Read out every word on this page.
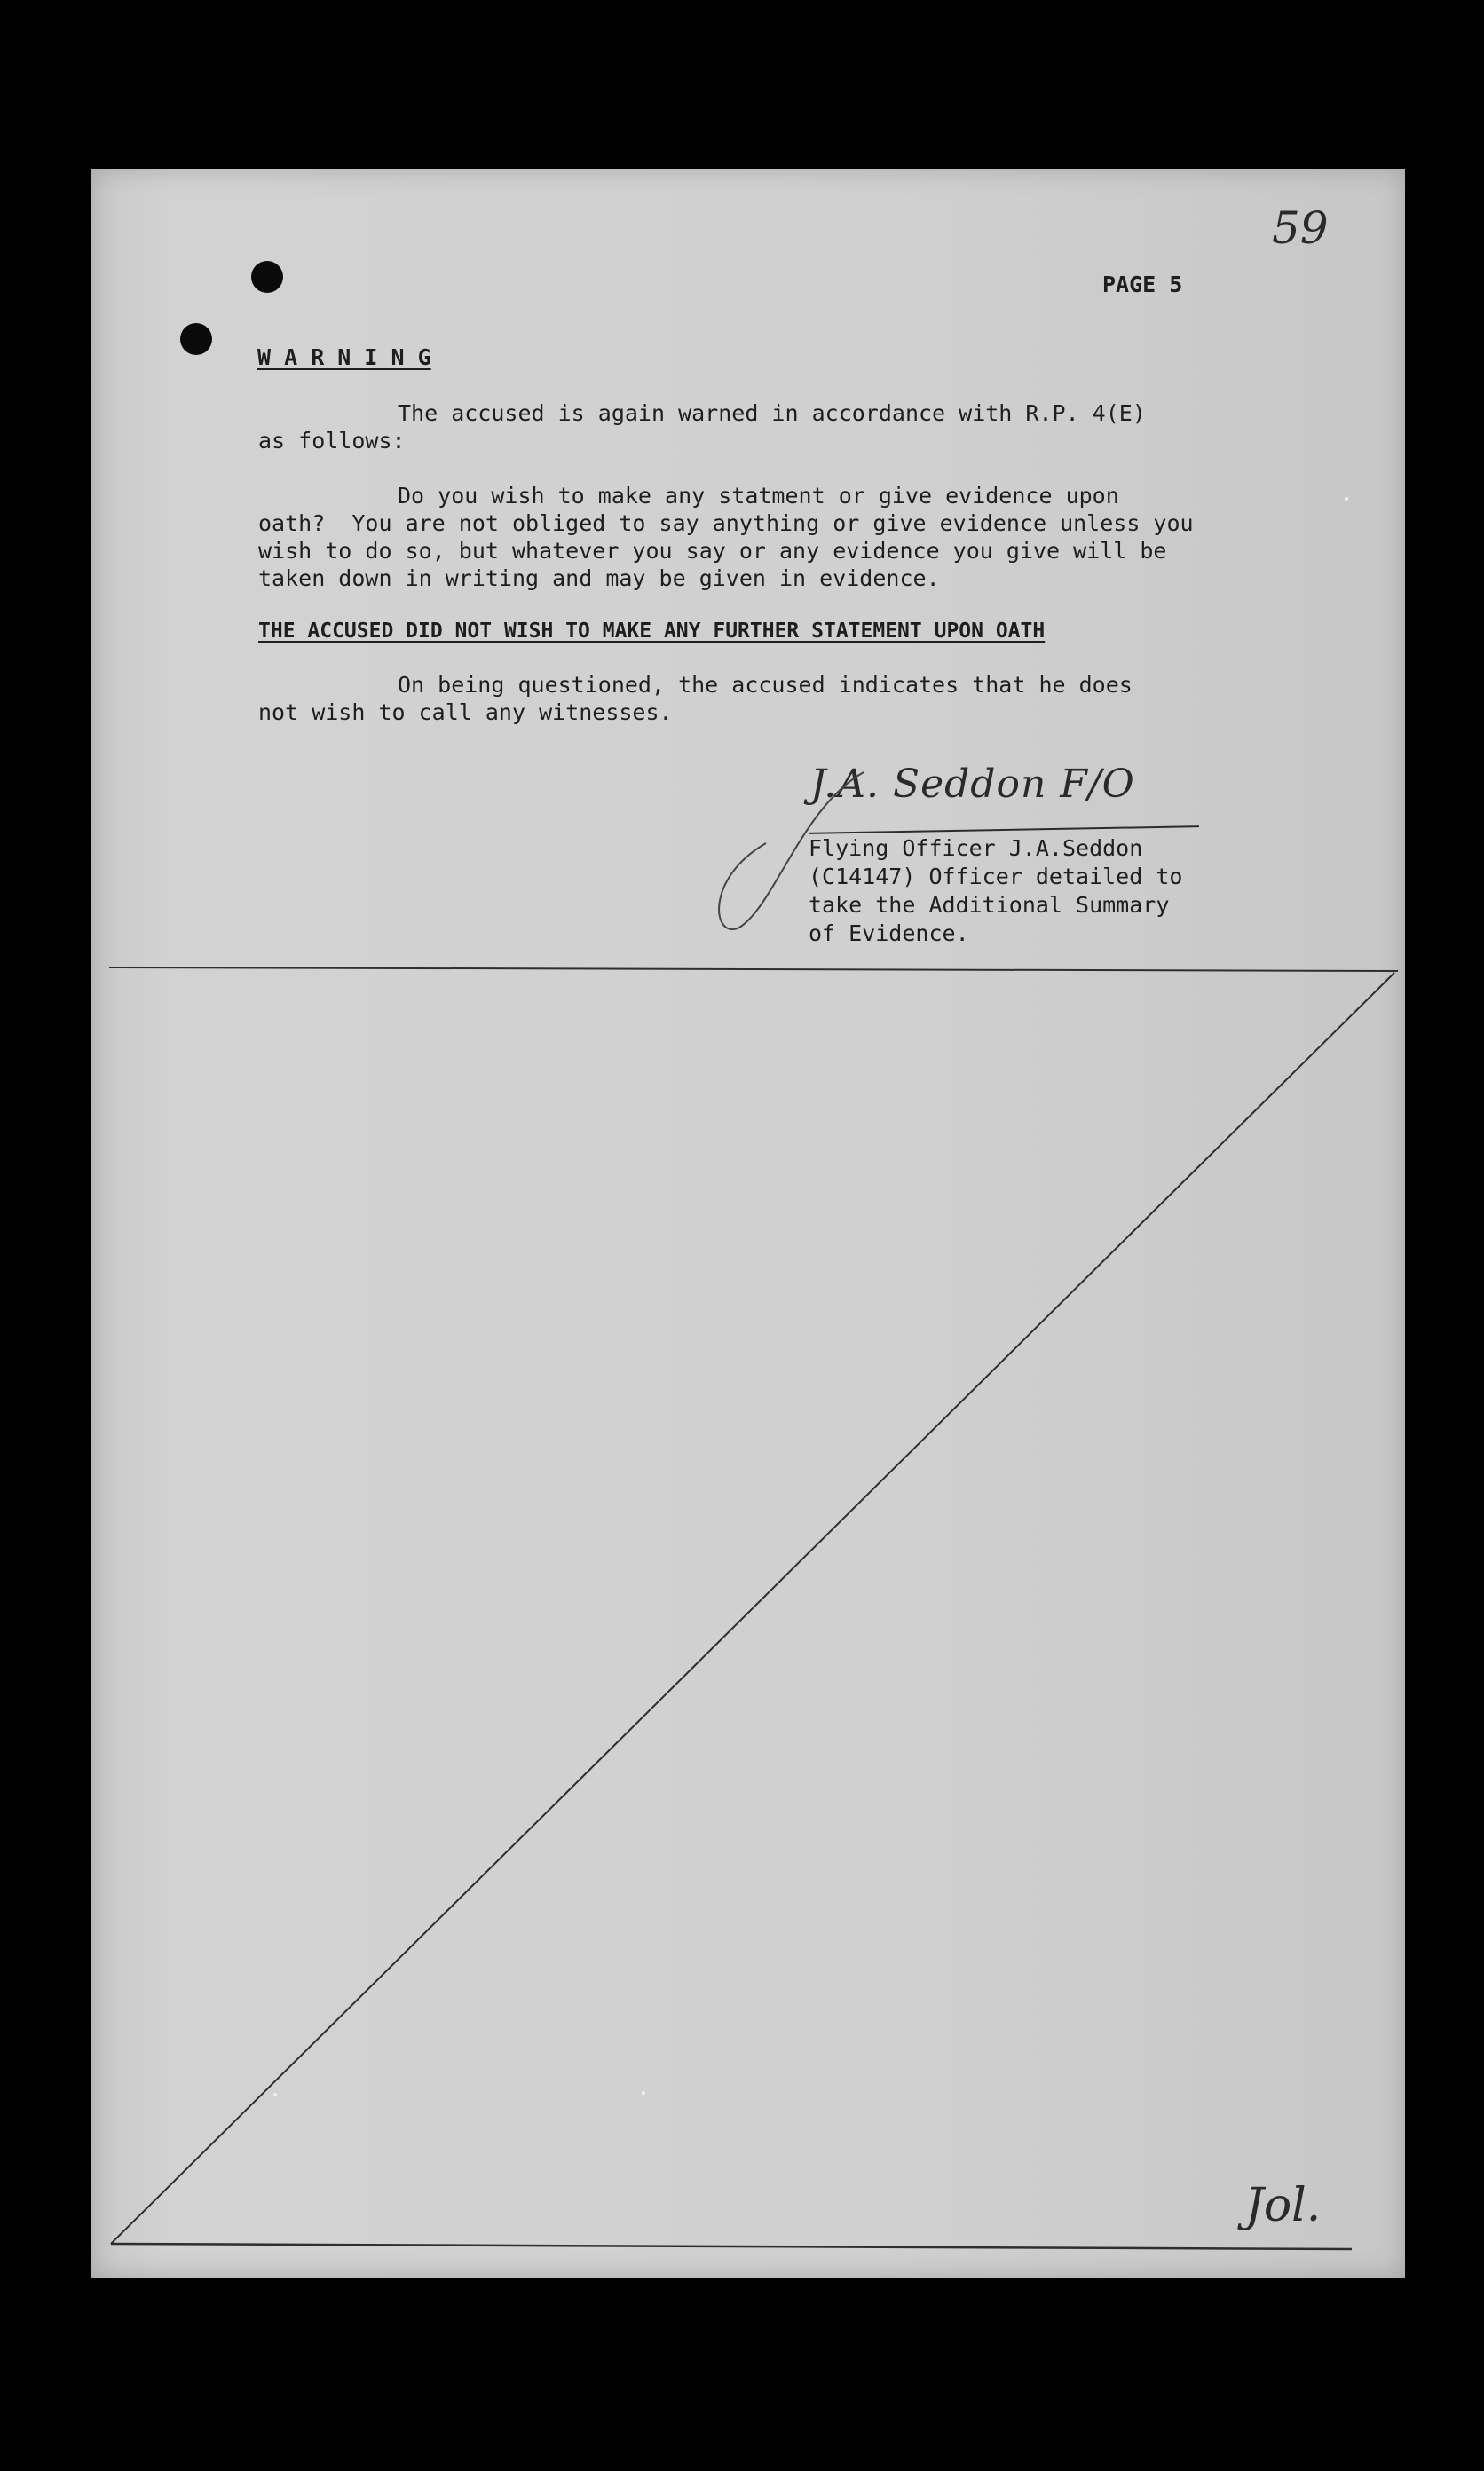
59
PAGE 5
W A R N I N G
The accused is again warned in accordance with R.P. 4(E)
as follows:
Do you wish to make any statment or give evidence upon
oath?  You are not obliged to say anything or give evidence unless you
wish to do so, but whatever you say or any evidence you give will be
taken down in writing and may be given in evidence.
THE ACCUSED DID NOT WISH TO MAKE ANY FURTHER STATEMENT UPON OATH
On being questioned, the accused indicates that he does
not wish to call any witnesses.
J.A. Seddon F/O
Flying Officer J.A.Seddon
(C14147) Officer detailed to
take the Additional Summary
of Evidence.
Jol.
